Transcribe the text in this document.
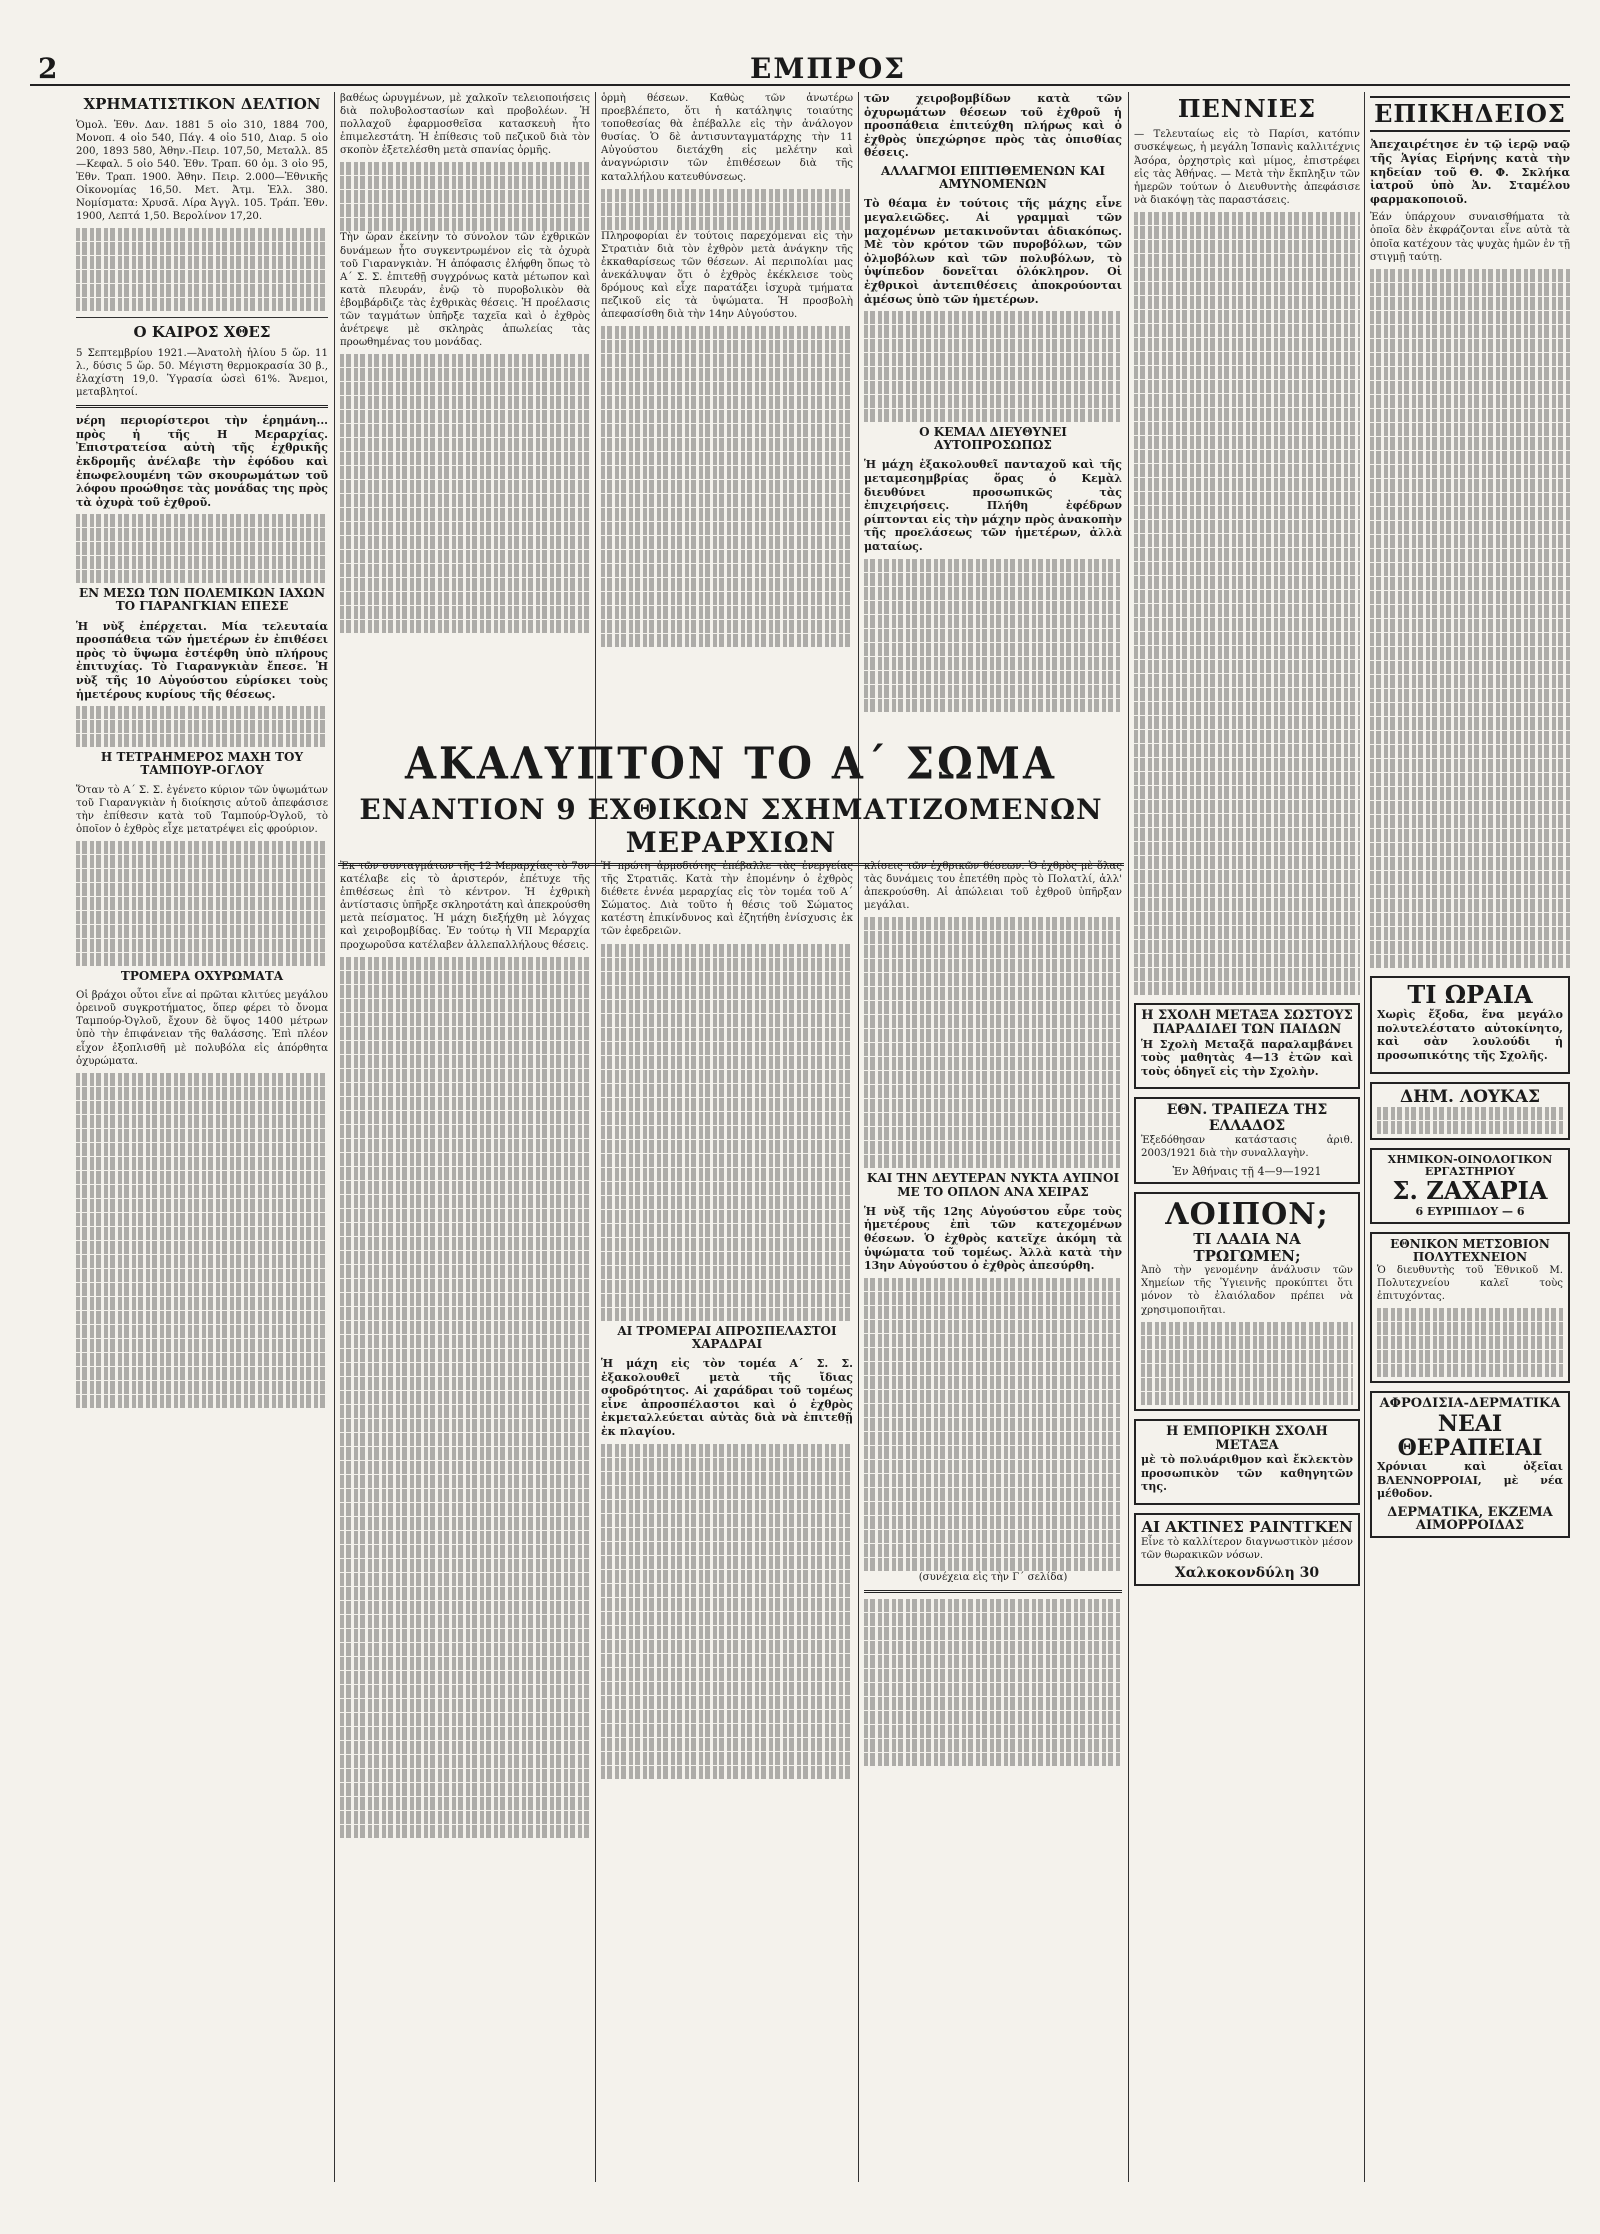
2	ΕΜΠΡΟΣ
ΧΡΗΜΑΤΙΣΤΙΚΟΝ ΔΕΛΤΙΟΝ

Ὁμολ. Ἐθν. Δαν. 1881 5 οἰο 310, 1884 700, Μονοπ. 4 οἰο 540, Πάγ. 4 οἰο 510, Διαρ. 5 οἰο 200, 1893 580, Ἀθην.-Πειρ. 107,50, Μεταλλ. 85—Κεφαλ. 5 οἰο 540. Ἐθν. Τραπ. 60 ὁμ. 3 οἰο 95, Ἐθν. Τραπ. 1900. Ἀθην. Πειρ. 2.000—Ἐθνικῆς Οἰκονομίας 16,50. Μετ. Ἀτμ. Ἑλλ. 380. Νομίσματα: Χρυσᾶ. Λίρα Ἀγγλ. 105. Τράπ. Ἐθν. 1900, Λεπτά 1,50. Βερολίνον 17,20.

Ο ΚΑΙΡΟΣ ΧΘΕΣ

5 Σεπτεμβρίου 1921.—Ἀνατολὴ ἡλίου 5 ὥρ. 11 λ., δύσις 5 ὥρ. 50. Μέγιστη θερμοκρασία 30 β., ἐλαχίστη 19,0. Ὑγρασία ὡσεὶ 61%. Ἄνεμοι, μεταβλητοί.

νέρη περιορίστεροι τὴν ἑρημάνη... πρὸς ἡ τῆς Η Μεραρχίας. Ἐπιστρατείσα αὐτὴ τῆς ἐχθρικῆς ἐκδρομῆς ἀνέλαβε τὴν ἐφόδου καὶ ἐπωφελουμένη τῶν σκουρωμάτων τοῦ λόφου προώθησε τὰς μονάδας της πρὸς τὰ ὀχυρὰ τοῦ ἐχθροῦ.

ΕΝ ΜΕΣΩ ΤΩΝ ΠΟΛΕΜΙΚΩΝ ΙΑΧΩΝ ΤΟ ΓΙΑΡΑΝΓΚΙΑΝ ΕΠΕΣΕ

Ἡ νὺξ ἐπέρχεται. Μία τελευταία προσπάθεια τῶν ἡμετέρων ἐν ἐπιθέσει πρὸς τὸ ὕψωμα ἐστέφθη ὑπὸ πλήρους ἐπιτυχίας. Τὸ Γιαρανγκιὰν ἔπεσε. Ἡ νὺξ τῆς 10 Αὐγούστου εὑρίσκει τοὺς ἡμετέρους κυρίους τῆς θέσεως.

Η ΤΕΤΡΑΗΜΕΡΟΣ ΜΑΧΗ ΤΟΥ ΤΑΜΠΟΥΡ-ΟΓΛΟΥ

Ὅταν τὸ Α΄ Σ. Σ. ἐγένετο κύριον τῶν ὑψωμάτων τοῦ Γιαρανγκιὰν ἡ διοίκησις αὐτοῦ ἀπεφάσισε τὴν ἐπίθεσιν κατὰ τοῦ Ταμπούρ-Ὀγλοῦ, τὸ ὁποῖον ὁ ἐχθρὸς εἶχε μετατρέψει εἰς φρούριον.

ΤΡΟΜΕΡΑ ΟΧΥΡΩΜΑΤΑ

Οἱ βράχοι οὗτοι εἶνε αἱ πρῶται κλιτύες μεγάλου ὀρεινοῦ συγκροτήματος, ὅπερ φέρει τὸ ὄνομα Ταμπούρ-Ὀγλοῦ, ἔχουν δὲ ὕψος 1400 μέτρων ὑπὸ τὴν ἐπιφάνειαν τῆς θαλάσσης. Ἐπὶ πλέον εἶχον ἐξοπλισθῆ μὲ πολυβόλα εἰς ἀπόρθητα ὀχυρώματα.

βαθέως ὠρυγμένων, μὲ χαλκοῖν τελειοποιήσεις διὰ πολυβολοστασίων καὶ προβολέων. Ἡ πολλαχοῦ ἐφαρμοσθεῖσα κατασκευὴ ἦτο ἐπιμελεστάτη. Ἡ ἐπίθεσις τοῦ πεζικοῦ διὰ τὸν σκοπὸν ἐξετελέσθη μετὰ σπανίας ὁρμῆς.

Τὴν ὥραν ἐκείνην τὸ σύνολον τῶν ἐχθρικῶν δυνάμεων ἦτο συγκεντρωμένον εἰς τὰ ὀχυρὰ τοῦ Γιαρανγκιὰν. Ἡ ἀπόφασις ἐλήφθη ὅπως τὸ Α΄ Σ. Σ. ἐπιτεθῇ συγχρόνως κατὰ μέτωπον καὶ κατὰ πλευράν, ἐνῷ τὸ πυροβολικὸν θὰ ἐβομβάρδιζε τὰς ἐχθρικὰς θέσεις. Ἡ προέλασις τῶν ταγμάτων ὑπῆρξε ταχεῖα καὶ ὁ ἐχθρὸς ἀνέτρεψε μὲ σκληρὰς ἀπωλείας τὰς προωθημένας του μονάδας.

ὁρμὴ θέσεων. Καθὼς τῶν ἀνωτέρω προεβλέπετο, ὅτι ἡ κατάληψις τοιαύτης τοποθεσίας θὰ ἐπέβαλλε εἰς τὴν ἀνάλογον θυσίας. Ὁ δὲ ἀντισυνταγματάρχης τὴν 11 Αὐγούστου διετάχθη εἰς μελέτην καὶ ἀναγνώρισιν τῶν ἐπιθέσεων διὰ τῆς καταλλήλου κατευθύνσεως.

Πληροφορίαι ἐν τούτοις παρεχόμεναι εἰς τὴν Στρατιὰν διὰ τὸν ἐχθρὸν μετὰ ἀνάγκην τῆς ἐκκαθαρίσεως τῶν θέσεων. Αἱ περιπολίαι μας ἀνεκάλυψαν ὅτι ὁ ἐχθρὸς ἐκέκλεισε τοὺς δρόμους καὶ εἶχε παρατάξει ἰσχυρὰ τμήματα πεζικοῦ εἰς τὰ ὑψώματα. Ἡ προσβολὴ ἀπεφασίσθη διὰ τὴν 14ην Αὐγούστου.

τῶν χειροβομβίδων κατὰ τῶν ὀχυρωμάτων θέσεων τοῦ ἐχθροῦ ἡ προσπάθεια ἐπιτεύχθη πλήρως καὶ ὁ ἐχθρὸς ὑπεχώρησε πρὸς τὰς ὀπισθίας θέσεις.

ΑΛΛΑΓΜΟΙ ΕΠΙΤΙΘΕΜΕΝΩΝ ΚΑΙ ΑΜΥΝΟΜΕΝΩΝ

Τὸ θέαμα ἐν τούτοις τῆς μάχης εἶνε μεγαλειῶδες. Αἱ γραμμαὶ τῶν μαχομένων μετακινοῦνται ἀδιακόπως. Μὲ τὸν κρότον τῶν πυροβόλων, τῶν ὀλμοβόλων καὶ τῶν πολυβόλων, τὸ ὑψίπεδον δονεῖται ὁλόκληρον. Οἱ ἐχθρικοὶ ἀντεπιθέσεις ἀποκρούονται ἀμέσως ὑπὸ τῶν ἡμετέρων.

Ο ΚΕΜΑΛ ΔΙΕΥΘΥΝΕΙ ΑΥΤΟΠΡΟΣΩΠΩΣ

Ἡ μάχη ἐξακολουθεῖ πανταχοῦ καὶ τῆς μεταμεσημβρίας ὅρας ὁ Κεμὰλ διευθύνει προσωπικῶς τὰς ἐπιχειρήσεις. Πλήθη ἐφέδρων ρίπτονται εἰς τὴν μάχην πρὸς ἀνακοπὴν τῆς προελάσεως τῶν ἡμετέρων, ἀλλὰ ματαίως.

ΑΚΑΛΥΠΤΟΝ ΤΟ Α΄ ΣΩΜΑ
ΕΝΑΝΤΙΟΝ 9 ΕΧΘΙΚΩΝ ΣΧΗΜΑΤΙΖΟΜΕΝΩΝ ΜΕΡΑΡΧΙΩΝ

Ἐκ τῶν συνταγμάτων τῆς 12 Μεραρχίας τὸ 7ον κατέλαβε εἰς τὸ ἀριστερόν, ἐπέτυχε τῆς ἐπιθέσεως ἐπὶ τὸ κέντρον. Ἡ ἐχθρικὴ ἀντίστασις ὑπῆρξε σκληροτάτη καὶ ἀπεκρούσθη μετὰ πείσματος. Ἡ μάχη διεξήχθη μὲ λόγχας καὶ χειροβομβίδας. Ἐν τούτῳ ἡ VII Μεραρχία προχωροῦσα κατέλαβεν ἀλλεπαλλήλους θέσεις.

Ἡ πρώτη ἀρμοδιότης ἐπέβαλλε τὰς ἐνεργείας τῆς Στρατιᾶς. Κατὰ τὴν ἑπομένην ὁ ἐχθρὸς διέθετε ἐννέα μεραρχίας εἰς τὸν τομέα τοῦ Α΄ Σώματος. Διὰ τοῦτο ἡ θέσις τοῦ Σώματος κατέστη ἐπικίνδυνος καὶ ἐζητήθη ἐνίσχυσις ἐκ τῶν ἐφεδρειῶν.

ΑΙ ΤΡΟΜΕΡΑΙ ΑΠΡΟΣΠΕΛΑΣΤΟΙ ΧΑΡΑΔΡΑΙ

Ἡ μάχη εἰς τὸν τομέα Α΄ Σ. Σ. ἐξακολουθεῖ μετὰ τῆς ἴδιας σφοδρότητος. Αἱ χαράδραι τοῦ τομέως εἶνε ἀπροσπέλαστοι καὶ ὁ ἐχθρὸς ἐκμεταλλεύεται αὐτὰς διὰ νὰ ἐπιτεθῇ ἐκ πλαγίου.

κλίσεις τῶν ἐχθρικῶν θέσεων. Ὁ ἐχθρὸς μὲ ὅλας τὰς δυνάμεις του ἐπετέθη πρὸς τὸ Πολατλί, ἀλλ' ἀπεκρούσθη. Αἱ ἀπώλειαι τοῦ ἐχθροῦ ὑπῆρξαν μεγάλαι.

ΚΑΙ ΤΗΝ ΔΕΥΤΕΡΑΝ ΝΥΚΤΑ ΑΥΠΝΟΙ ΜΕ ΤΟ ΟΠΛΟΝ ΑΝΑ ΧΕΙΡΑΣ

Ἡ νὺξ τῆς 12ης Αὐγούστου εὗρε τοὺς ἡμετέρους ἐπὶ τῶν κατεχομένων θέσεων. Ὁ ἐχθρὸς κατεῖχε ἀκόμη τὰ ὑψώματα τοῦ τομέως. Ἀλλὰ κατὰ τὴν 13ην Αὐγούστου ὁ ἐχθρὸς ἀπεσύρθη.

(συνέχεια εἰς τὴν Γ΄ σελίδα)

ΠΕΝΝΙΕΣ

— Τελευταίως εἰς τὸ Παρίσι, κατόπιν συσκέψεως, ἡ μεγάλη Ἰσπανὶς καλλιτέχνις Ἀσόρα, ὀρχηστρὶς καὶ μίμος, ἐπιστρέφει εἰς τὰς Ἀθήνας. — Μετὰ τὴν ἔκπληξιν τῶν ἡμερῶν τούτων ὁ Διευθυντὴς ἀπεφάσισε νὰ διακόψῃ τὰς παραστάσεις.

Η ΣΧΟΛΗ ΜΕΤΑΞΑ ΣΩΣΤΟΥΣ ΠΑΡΑΔΙΔΕΙ ΤΩΝ ΠΑΙΔΩΝ

Ἡ Σχολὴ Μεταξᾶ παραλαμβάνει τοὺς μαθητὰς 4—13 ἐτῶν καὶ τοὺς ὁδηγεῖ εἰς τὴν Σχολὴν.

ΕΘΝ. ΤΡΑΠΕΖΑ ΤΗΣ ΕΛΛΑΔΟΣ

Ἐξεδόθησαν κατάστασις ἀριθ. 2003/1921 διὰ τὴν συναλλαγὴν.

Ἐν Ἀθήναις τῇ 4—9—1921
ΛΟΙΠΟΝ;
ΤΙ ΛΑΔΙΑ ΝΑ ΤΡΩΓΩΜΕΝ;

Ἀπὸ τὴν γενομένην ἀνάλυσιν τῶν Χημείων τῆς Ὑγιεινῆς προκύπτει ὅτι μόνον τὸ ἐλαιόλαδον πρέπει νὰ χρησιμοποιῆται.

Η ΕΜΠΟΡΙΚΗ ΣΧΟΛΗ ΜΕΤΑΞΑ

μὲ τὸ πολυάριθμον καὶ ἔκλεκτὸν προσωπικὸν τῶν καθηγητῶν της.

ΑΙ ΑΚΤΙΝΕΣ ΡΑΙΝΤΓΚΕΝ

Εἶνε τὸ καλλίτερον διαγνωστικὸν μέσον τῶν θωρακικῶν νόσων.

Χαλκοκονδύλη 30
ΕΠΙΚΗΔΕΙΟΣ

Ἀπεχαιρέτησε ἐν τῷ ἱερῷ ναῷ τῆς Ἁγίας Εἰρήνης κατὰ τὴν κηδείαν τοῦ Θ. Φ. Σκλήκα ἰατροῦ ὑπὸ Ἀν. Σταμέλου φαρμακοποιοῦ.

Ἐάν ὑπάρχουν συναισθήματα τὰ ὁποῖα δὲν ἐκφράζονται εἶνε αὐτὰ τὰ ὁποῖα κατέχουν τὰς ψυχὰς ἡμῶν ἐν τῇ στιγμῇ ταύτῃ.

ΤΙ ΩΡΑΙΑ

Χωρὶς ἔξοδα, ἕνα μεγάλο πολυτελέστατο αὐτοκίνητο, καὶ σὰν λουλούδι ἡ προσωπικότης τῆς Σχολῆς.

ΔΗΜ. ΛΟΥΚΑΣ
ΧΗΜΙΚΟΝ-ΟΙΝΟΛΟΓΙΚΟΝ ΕΡΓΑΣΤΗΡΙΟΥ
Σ. ΖΑΧΑΡΙΑ
6 ΕΥΡΙΠΙΔΟΥ — 6
ΕΘΝΙΚΟΝ ΜΕΤΣΟΒΙΟΝ ΠΟΛΥΤΕΧΝΕΙΟΝ

Ὁ διευθυντὴς τοῦ Ἐθνικοῦ Μ. Πολυτεχνείου καλεῖ τοὺς ἐπιτυχόντας.

ΑΦΡΟΔΙΣΙΑ-ΔΕΡΜΑΤΙΚΑ
ΝΕΑΙ ΘΕΡΑΠΕΙΑΙ

Χρόνιαι καὶ ὀξεῖαι ΒΛΕΝΝΟΡΡΟΙΑΙ, μὲ νέα μέθοδον.

ΔΕΡΜΑΤΙΚΑ, ΕΚΖΕΜΑ
ΑΙΜΟΡΡΟΙΔΑΣ
